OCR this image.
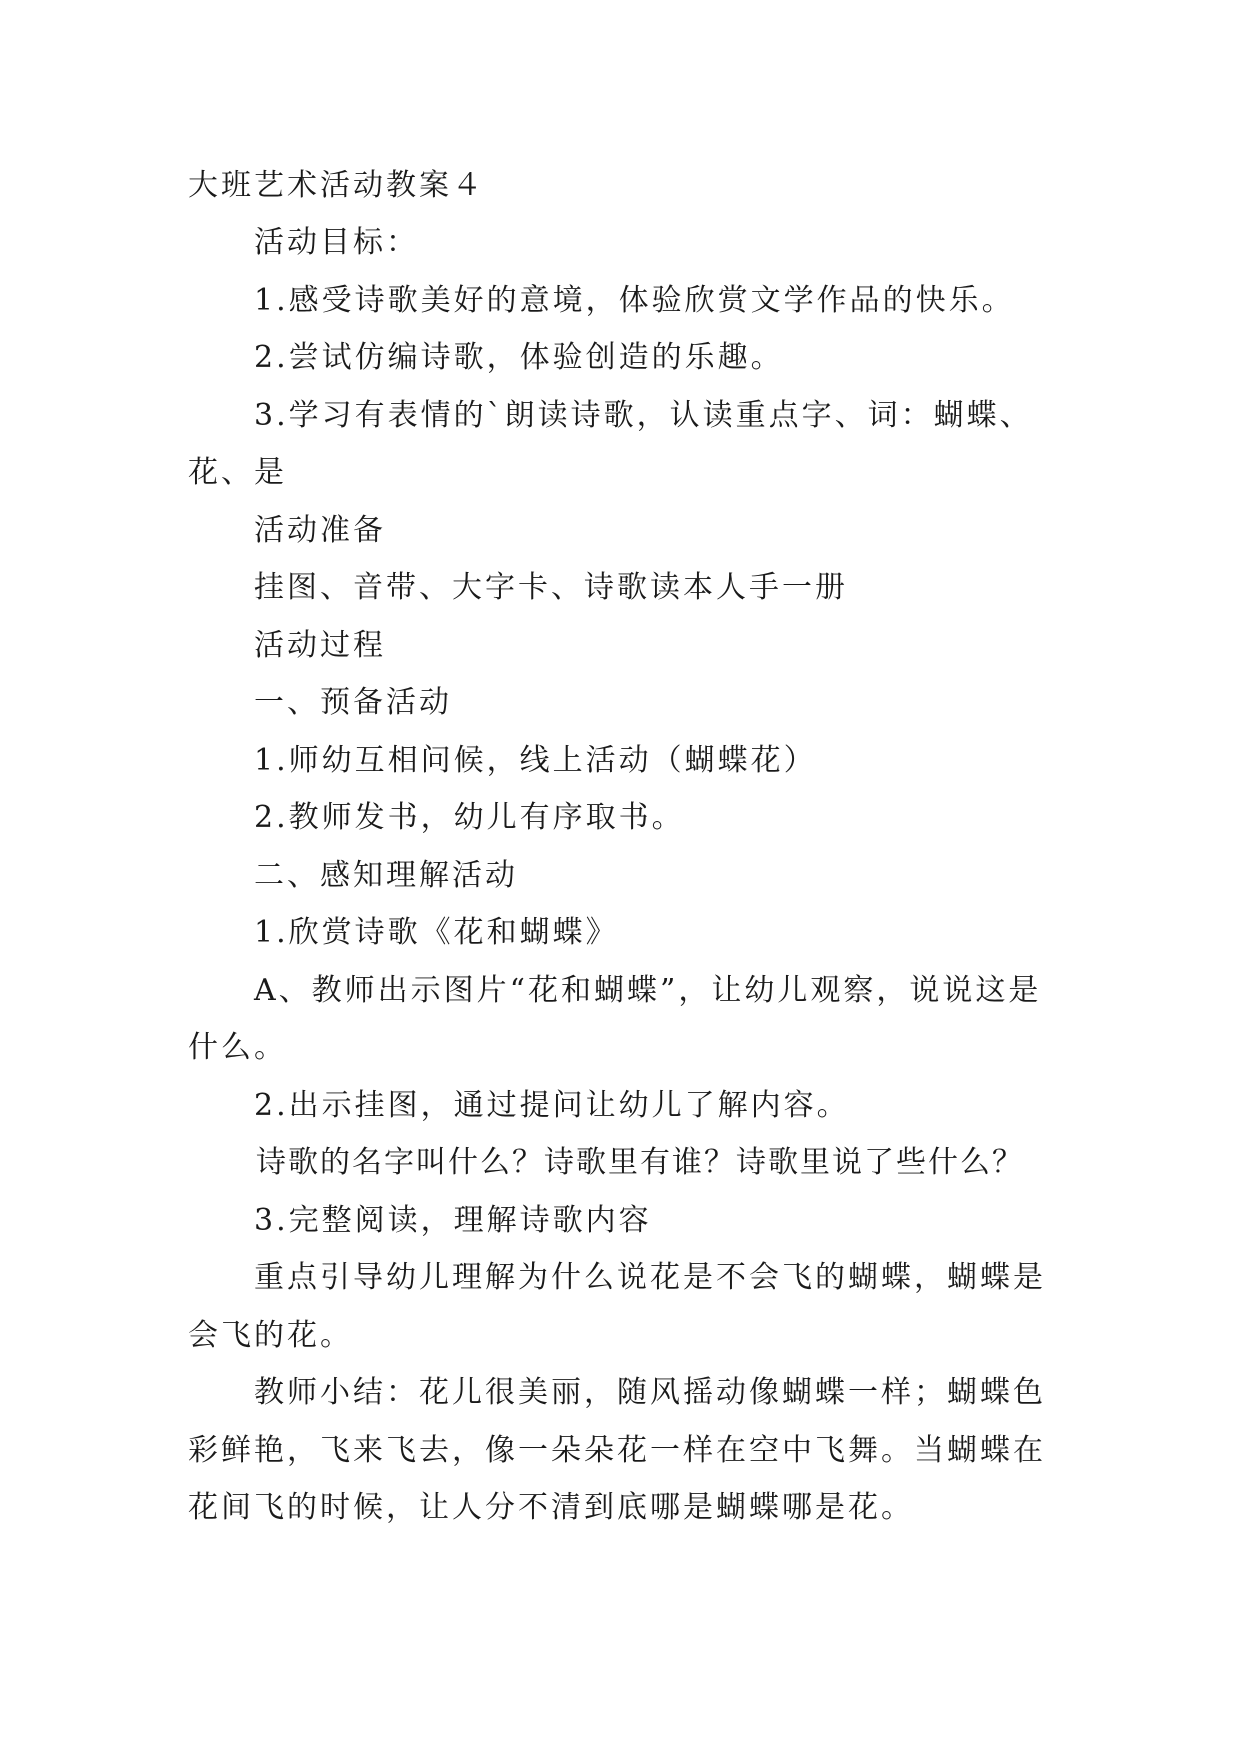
大班艺术活动教案４
活动目标：
1.感受诗歌美好的意境，体验欣赏文学作品的快乐。
2.尝试仿编诗歌，体验创造的乐趣。
3.学习有表情的`朗读诗歌，认读重点字、词：蝴蝶、
花、是
活动准备
挂图、音带、大字卡、诗歌读本人手一册
活动过程
一、预备活动
1.师幼互相问候，线上活动（蝴蝶花）
2.教师发书，幼儿有序取书。
二、感知理解活动
1.欣赏诗歌《花和蝴蝶》
A、教师出示图片“花和蝴蝶”，让幼儿观察，说说这是
什么。
2.出示挂图，通过提问让幼儿了解内容。
诗歌的名字叫什么？诗歌里有谁？诗歌里说了些什么？
3.完整阅读，理解诗歌内容
重点引导幼儿理解为什么说花是不会飞的蝴蝶，蝴蝶是
会飞的花。
教师小结：花儿很美丽，随风摇动像蝴蝶一样；蝴蝶色
彩鲜艳，飞来飞去，像一朵朵花一样在空中飞舞。当蝴蝶在
花间飞的时候，让人分不清到底哪是蝴蝶哪是花。
